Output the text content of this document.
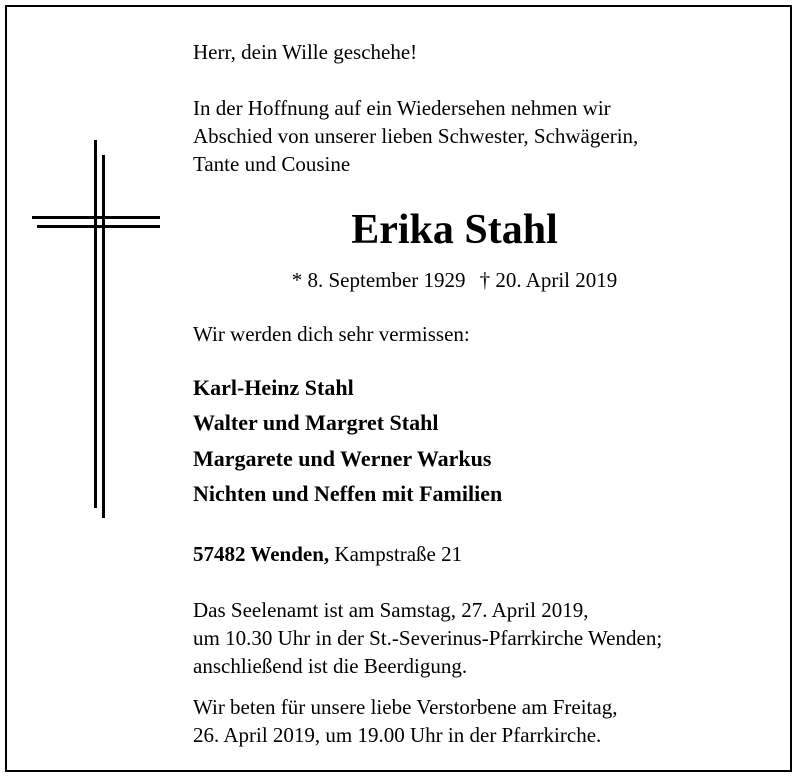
Herr, dein Wille geschehe!

In der Hoffnung auf ein Wiedersehen nehmen wir

Abschied von unserer lieben Schwester, Schwägerin,

Tante und Cousine

Erika Stahl

* 8. September 1929 † 20. April 2019

Wir werden dich sehr vermissen:

Karl-Heinz Stahl

Walter und Margret Stahl

Margarete und Werner Warkus

Nichten und Neffen mit Familien

57482 Wenden, Kampstraße 21

Das Seelenamt ist am Samstag, 27. April 2019,

um 10.30 Uhr in der St.-Severinus-Pfarrkirche Wenden;

anschließend ist die Beerdigung.

Wir beten für unsere liebe Verstorbene am Freitag,

26. April 2019, um 19.00 Uhr in der Pfarrkirche.
